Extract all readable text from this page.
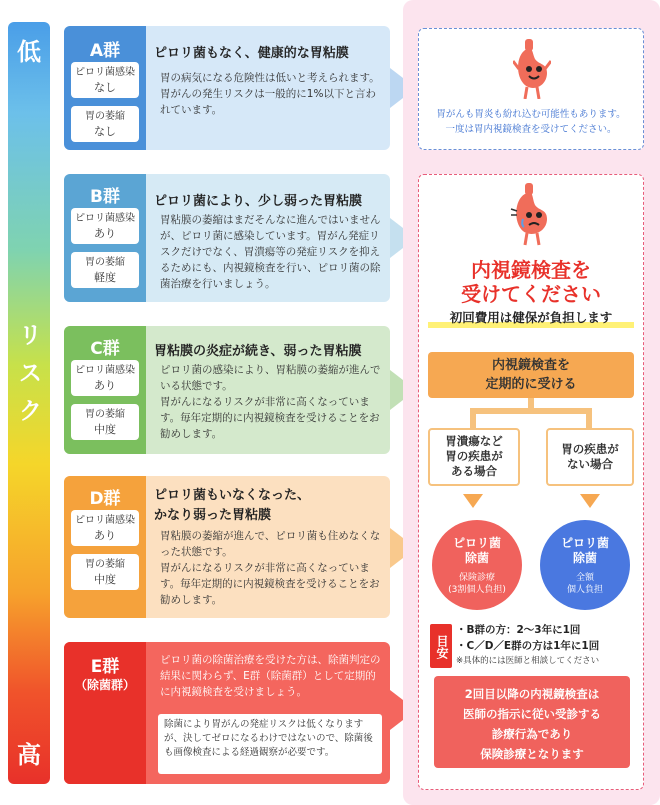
低
リスク
高
A群
ピロリ菌感染
なし
胃の萎縮
なし
ピロリ菌もなく、健康的な胃粘膜
胃の病気になる危険性は低いと考えられます。
胃がんの発生リスクは一般的に1%以下と言われています。
B群
ピロリ菌感染
あり
胃の萎縮
軽度
ピロリ菌により、少し弱った胃粘膜
胃粘膜の萎縮はまだそんなに進んではいませんが、ピロリ菌に感染しています。胃がん発症リスクだけでなく、胃潰瘍等の発症リスクを抑えるためにも、内視鏡検査を行い、ピロリ菌の除菌治療を行いましょう。
C群
ピロリ菌感染
あり
胃の萎縮
中度
胃粘膜の炎症が続き、弱った胃粘膜
ピロリ菌の感染により、胃粘膜の萎縮が進んでいる状態です。
胃がんになるリスクが非常に高くなっています。毎年定期的に内視鏡検査を受けることをお勧めします。
D群
ピロリ菌感染
あり
胃の萎縮
中度
ピロリ菌もいなくなった、
かなり弱った胃粘膜
胃粘膜の萎縮が進んで、ピロリ菌も住めなくなった状態です。
胃がんになるリスクが非常に高くなっています。毎年定期的に内視鏡検査を受けることをお勧めします。
E群
（除菌群）
ピロリ菌の除菌治療を受けた方は、除菌判定の結果に関わらず、E群（除菌群）として定期的に内視鏡検査を受けましょう。
除菌により胃がんの発症リスクは低くなりますが、決してゼロになるわけではないので、除菌後も画像検査による経過観察が必要です。
胃がんも胃炎も紛れ込む可能性もあります。
一度は胃内視鏡検査を受けてください。
内視鏡検査を
受けてください
初回費用は健保が負担します
内視鏡検査を
定期的に受ける
胃潰瘍など
胃の疾患が
ある場合
胃の疾患が
ない場合
ピロリ菌
除菌
保険診療
(3割個人負担)
ピロリ菌
除菌
全額
個人負担
目安
・B群の方：2〜3年に1回
・C／D／E群の方は1年に1回
※具体的には医師と相談してください
2回目以降の内視鏡検査は
医師の指示に従い受診する
診療行為であり
保険診療となります
